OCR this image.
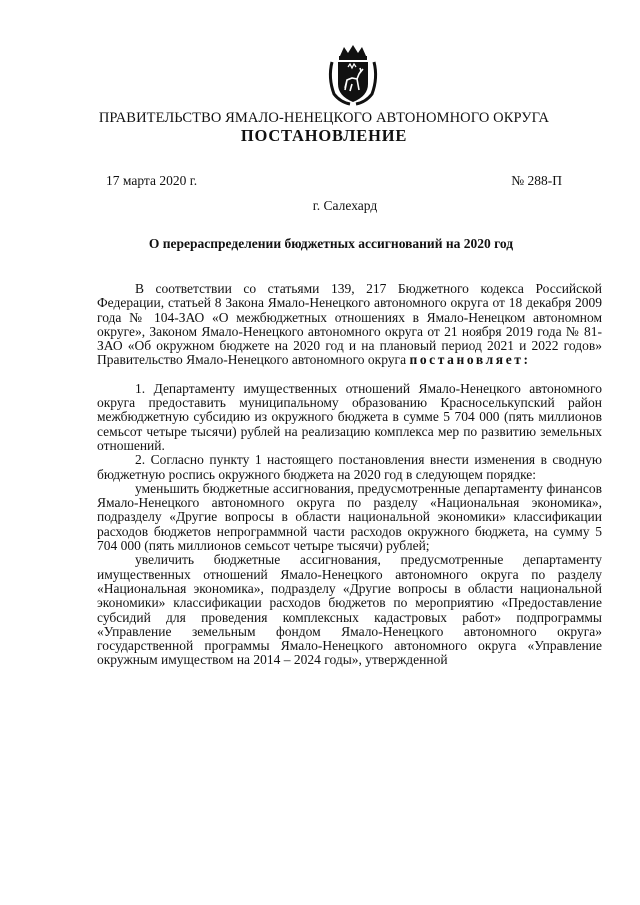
ПРАВИТЕЛЬСТВО ЯМАЛО-НЕНЕЦКОГО АВТОНОМНОГО ОКРУГА
ПОСТАНОВЛЕНИЕ
17 марта 2020 г.	№ 288-П
г. Салехард
О перераспределении бюджетных ассигнований на 2020 год

В соответствии со статьями 139, 217 Бюджетного кодекса Российской Федерации, статьей 8 Закона Ямало-Ненецкого автономного округа от 18 декабря 2009 года № 104-ЗАО «О межбюджетных отношениях в Ямало-Ненецком автономном округе», Законом Ямало-Ненецкого автономного округа от 21 ноября 2019 года № 81-ЗАО «Об окружном бюджете на 2020 год и на плановый период 2021 и 2022 годов» Правительство Ямало-Ненецкого автономного округа постановляет:

1. Департаменту имущественных отношений Ямало-Ненецкого автономного округа предоставить муниципальному образованию Красноселькупский район межбюджетную субсидию из окружного бюджета в сумме 5 704 000 (пять миллионов семьсот четыре тысячи) рублей на реализацию комплекса мер по развитию земельных отношений.

2. Согласно пункту 1 настоящего постановления внести изменения в сводную бюджетную роспись окружного бюджета на 2020 год в следующем порядке:

уменьшить бюджетные ассигнования, предусмотренные департаменту финансов Ямало-Ненецкого автономного округа по разделу «Национальная экономика», подразделу «Другие вопросы в области национальной экономики» классификации расходов бюджетов непрограммной части расходов окружного бюджета, на сумму 5 704 000 (пять миллионов семьсот четыре тысячи) рублей;

увеличить бюджетные ассигнования, предусмотренные департаменту имущественных отношений Ямало-Ненецкого автономного округа по разделу «Национальная экономика», подразделу «Другие вопросы в области национальной экономики» классификации расходов бюджетов по мероприятию «Предоставление субсидий для проведения комплексных кадастровых работ» подпрограммы «Управление земельным фондом Ямало-Ненецкого автономного округа» государственной программы Ямало-Ненецкого автономного округа «Управление окружным имуществом на 2014 – 2024 годы», утвержденной
